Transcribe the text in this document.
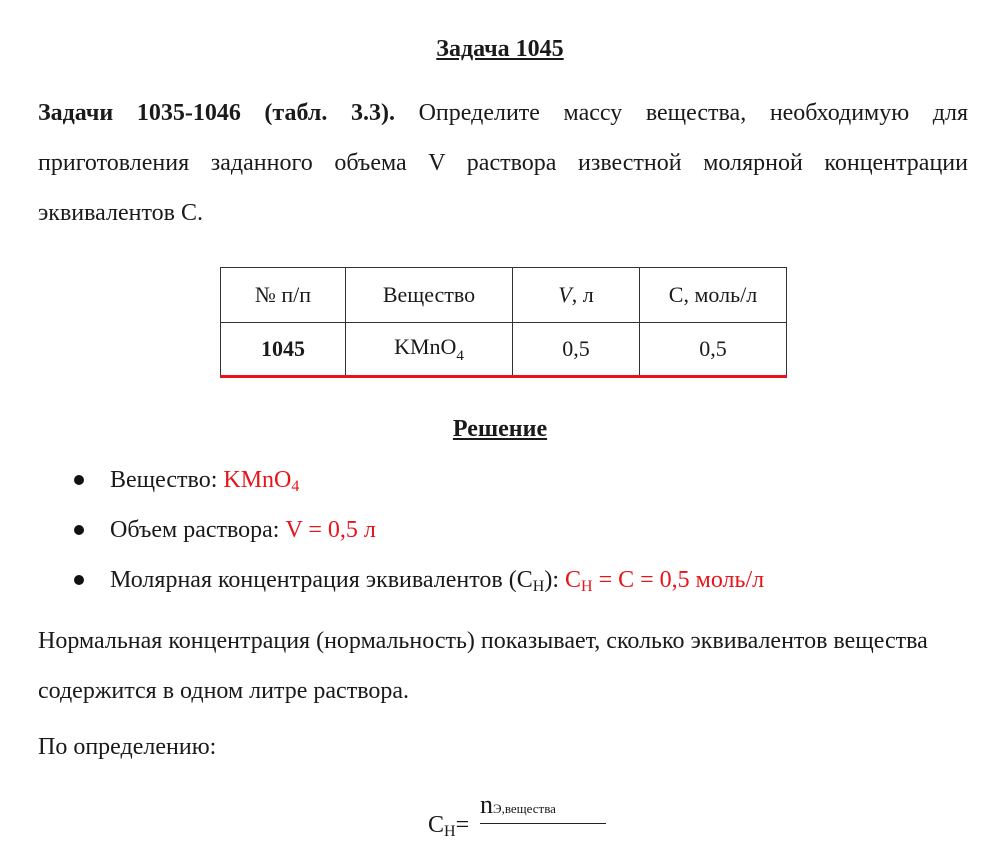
Задача 1045
Задачи 1035-1046 (табл. 3.3). Определите массу вещества, необходимую для приготовления заданного объема V раствора известной молярной концентрации эквивалентов С.
№ п/п	Вещество	V, л	C, моль/л
1045	KMnO$_4$	0,5	0,5
Решение
Вещество: KMnO4
Объем раствора: V = 0,5 л
Молярная концентрация эквивалентов (СН): СН = С = 0,5 моль/л
Нормальная концентрация (нормальность) показывает, сколько эквивалентов вещества содержится в одном литре раствора.
По определению:
CН=
nЭ,вещества
